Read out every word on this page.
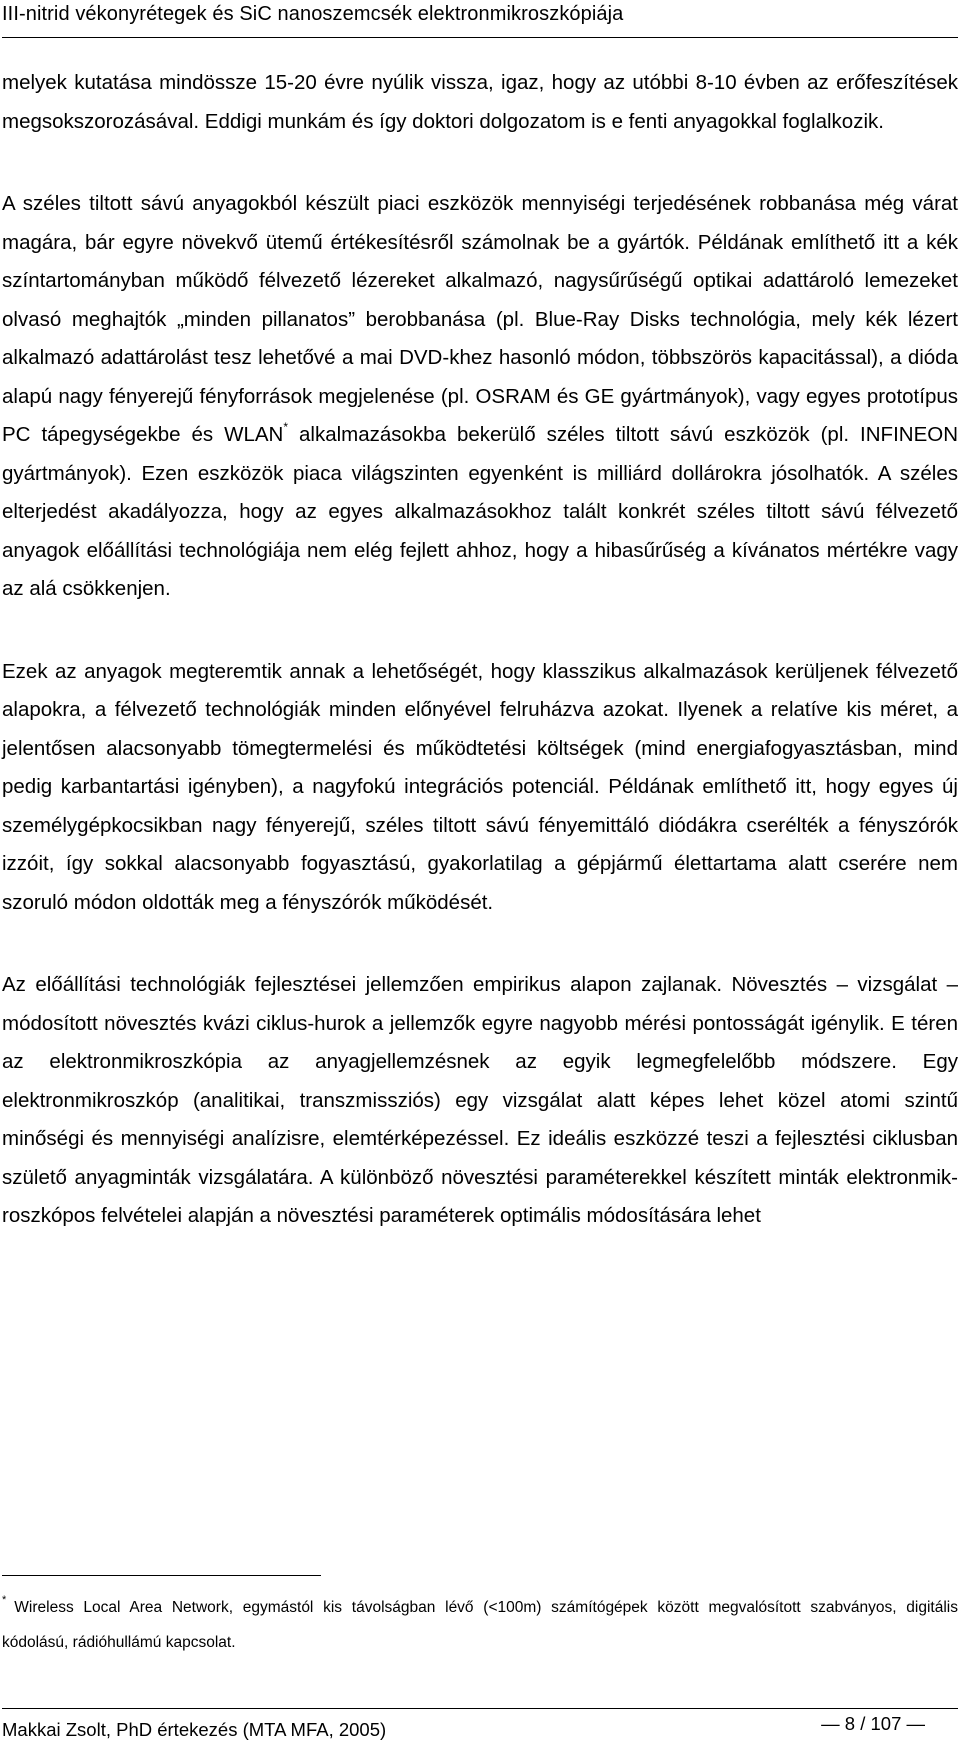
III-nitrid vékonyrétegek és SiC nanoszemcsék elektronmikroszkópiája

melyek kutatása mindössze 15-20 évre nyúlik vissza, igaz, hogy az utóbbi 8-10 évben az erőfeszítések megsokszorozásával. Eddigi munkám és így doktori dolgozatom is e fenti anyagokkal foglalkozik.

A széles tiltott sávú anyagokból készült piaci eszközök mennyiségi terjedésének robbanása még várat magára, bár egyre növekvő ütemű értékesítésről számolnak be a gyártók. Példának említhető itt a kék színtartományban működő félvezető lézereket alkalmazó, nagysűrűségű optikai adattároló lemezeket olvasó meghajtók „minden pillanatos” berobbanása (pl. Blue-Ray Disks technológia, mely kék lézert alkalmazó adattárolást tesz lehetővé a mai DVD-khez hasonló módon, többszörös kapacitással), a dióda alapú nagy fényerejű fényforrások megjelenése (pl. OSRAM és GE gyártmányok), vagy egyes prototípus PC tápegységekbe és WLAN* alkalmazásokba bekerülő széles tiltott sávú eszközök (pl. INFINEON gyártmányok). Ezen eszközök piaca világszinten egyenként is milliárd dollárokra jósolhatók. A széles elterjedést akadályozza, hogy az egyes alkalmazásokhoz talált konkrét széles tiltott sávú félvezető anyagok előállítási technológiája nem elég fejlett ahhoz, hogy a hibasűrűség a kívánatos mértékre vagy az alá csökkenjen.

Ezek az anyagok megteremtik annak a lehetőségét, hogy klasszikus alkalmazások kerüljenek félvezető alapokra, a félvezető technológiák minden előnyével felruházva azokat. Ilyenek a relatíve kis méret, a jelentősen alacsonyabb tömegtermelési és működtetési költségek (mind energiafogyasztásban, mind pedig karbantartási igényben), a nagyfokú integrációs potenciál. Példának említhető itt, hogy egyes új személygépkocsikban nagy fényerejű, széles tiltott sávú fényemittáló diódákra cserélték a fényszórók izzóit, így sokkal alacsonyabb fogyasztású, gyakorlatilag a gépjármű élettartama alatt cserére nem szoruló módon oldották meg a fényszórók működését.

Az előállítási technológiák fejlesztései jellemzően empirikus alapon zajlanak. Növesztés – vizsgálat – módosított növesztés kvázi ciklus-hurok a jellemzők egyre nagyobb mérési pontosságát igénylik. E téren az elektronmikroszkópia az anyagjellemzésnek az egyik legmegfelelőbb módszere. Egy elektronmikroszkóp (analitikai, transzmissziós) egy vizsgálat alatt képes lehet közel atomi szintű minőségi és mennyiségi analízisre, elemtérképezéssel. Ez ideális eszközzé teszi a fejlesztési ciklusban születő anyagminták vizsgálatára. A különböző növesztési paraméterekkel készített minták elektronmikroszkópos felvételei alapján a növesztési paraméterek optimális módosítására lehet

* Wireless Local Area Network, egymástól kis távolságban lévő (<100m) számítógépek között megvalósított szabványos, digitális kódolású, rádióhullámú kapcsolat.
Makkai Zsolt, PhD értekezés (MTA MFA, 2005)	— 8 / 107 —
